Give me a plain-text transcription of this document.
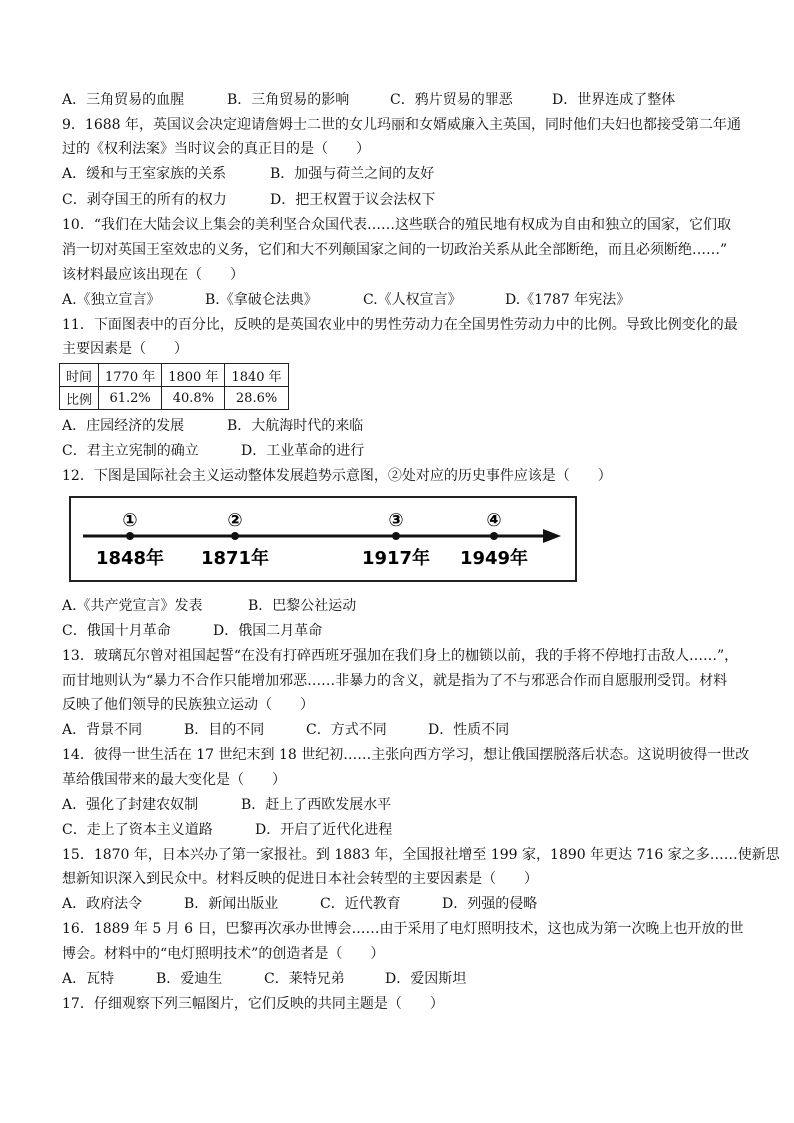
A．三角贸易的血腥	B．三角贸易的影响	C．鸦片贸易的罪恶	D．世界连成了整体
9．1688 年，英国议会决定迎请詹姆士二世的女儿玛丽和女婿威廉入主英国，同时他们夫妇也都接受第二年通
过的《权利法案》当时议会的真正目的是（　　）
A．缓和与王室家族的关系	B．加强与荷兰之间的友好
C．剥夺国王的所有的权力	D．把王权置于议会法权下
10．“我们在大陆会议上集会的美利坚合众国代表……这些联合的殖民地有权成为自由和独立的国家，它们取
消一切对英国王室效忠的义务，它们和大不列颠国家之间的一切政治关系从此全部断绝，而且必须断绝……”
该材料最应该出现在（　　）
A.《独立宣言》	B.《拿破仑法典》	C.《人权宣言》	D.《1787 年宪法》
11．下面图表中的百分比，反映的是英国农业中的男性劳动力在全国男性劳动力中的比例。导致比例变化的最
主要因素是（　　）
时间	1770 年	1800 年	1840 年
比例	61.2%	40.8%	28.6%
A．庄园经济的发展	B．大航海时代的来临
C．君主立宪制的确立	D．工业革命的进行
12．下图是国际社会主义运动整体发展趋势示意图，②处对应的历史事件应该是（　　）
①	②	③	④
1848年 1871年	1917年 1949年
A.《共产党宣言》发表	B．巴黎公社运动
C．俄国十月革命	D．俄国二月革命
13．玻璃瓦尔曾对祖国起誓“在没有打碎西班牙强加在我们身上的枷锁以前，我的手将不停地打击敌人……”，
而甘地则认为“暴力不合作只能增加邪恶……非暴力的含义，就是指为了不与邪恶合作而自愿服刑受罚。材料
反映了他们领导的民族独立运动（　　）
A．背景不同	B．目的不同	C．方式不同	D．性质不同
14．彼得一世生活在 17 世纪末到 18 世纪初……主张向西方学习，想让俄国摆脱落后状态。这说明彼得一世改
革给俄国带来的最大变化是（　　）
A．强化了封建农奴制	B．赶上了西欧发展水平
C．走上了资本主义道路	D．开启了近代化进程
15．1870 年，日本兴办了第一家报社。到 1883 年，全国报社增至 199 家，1890 年更达 716 家之多……使新思
想新知识深入到民众中。材料反映的促进日本社会转型的主要因素是（　　）
A．政府法令	B．新闻出版业	C．近代教育	D．列强的侵略
16．1889 年 5 月 6 日，巴黎再次承办世博会……由于采用了电灯照明技术，这也成为第一次晚上也开放的世
博会。材料中的“电灯照明技术”的创造者是（　　）
A．瓦特	B．爱迪生	C．莱特兄弟	D．爱因斯坦
17．仔细观察下列三幅图片，它们反映的共同主题是（　　）
